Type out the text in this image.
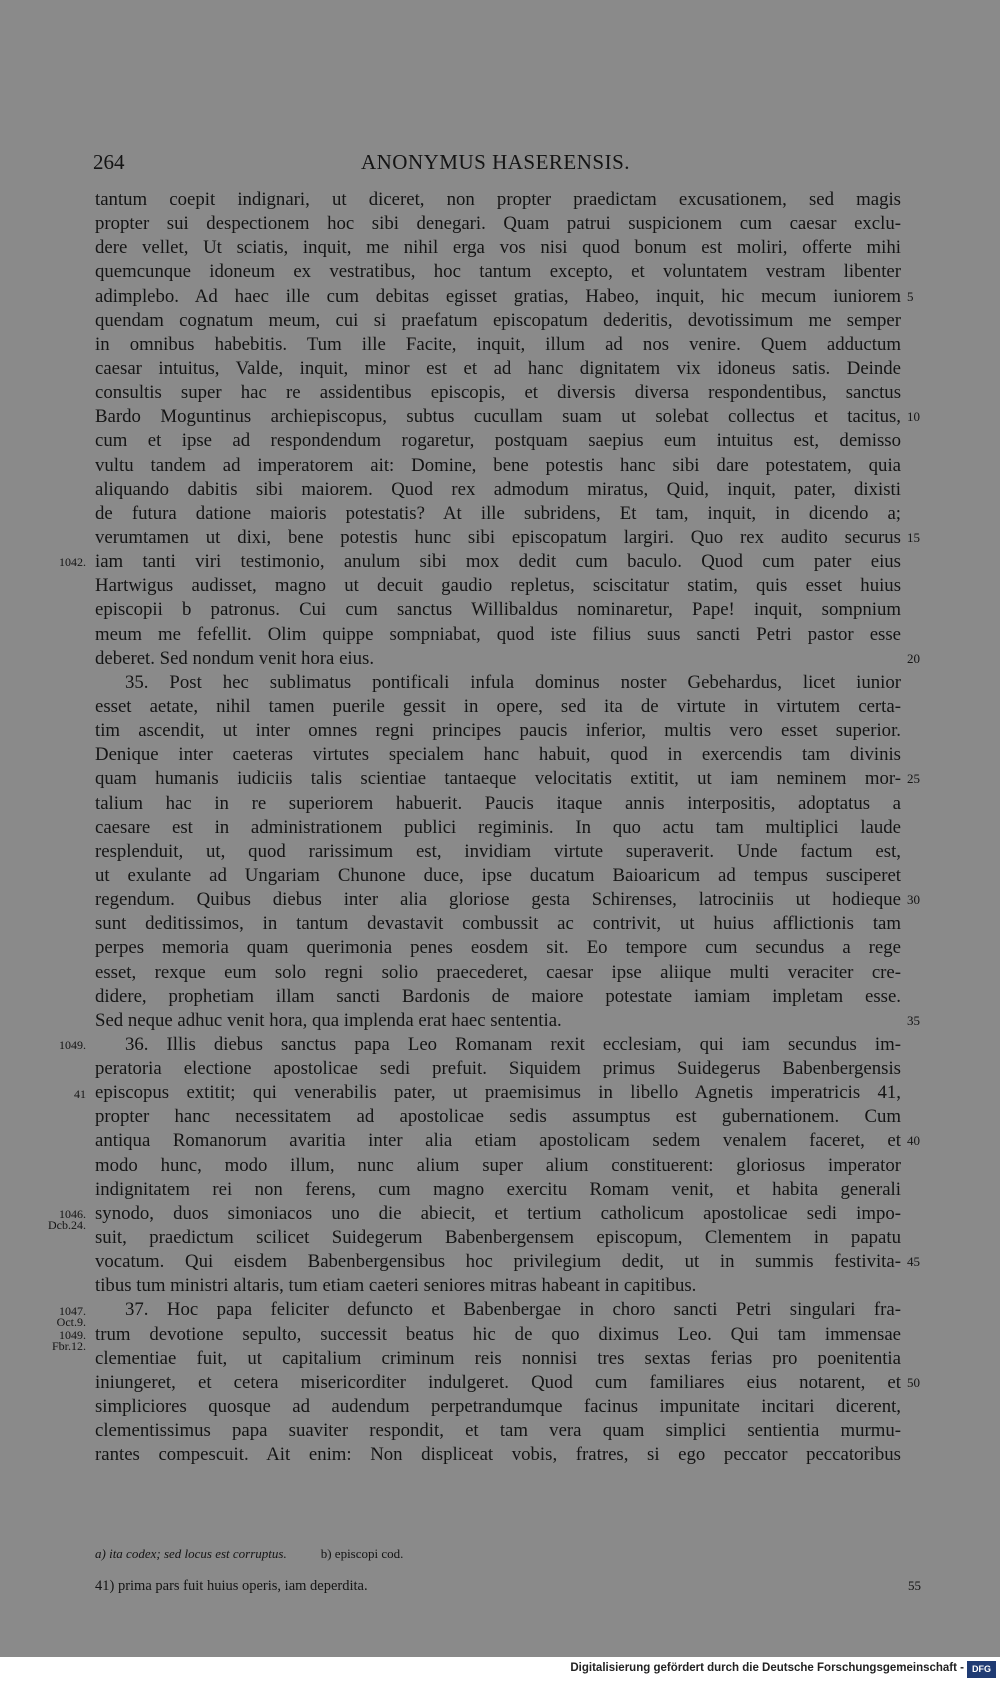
264	ANONYMUS HASERENSIS.
tantum coepit indignari, ut diceret, non propter praedictam excusationem, sed magis
propter sui despectionem hoc sibi denegari. Quam patrui suspicionem cum caesar exclu-
dere vellet, Ut sciatis, inquit, me nihil erga vos nisi quod bonum est moliri, offerte mihi
quemcunque idoneum ex vestratibus, hoc tantum excepto, et voluntatem vestram libenter
adimplebo. Ad haec ille cum debitas egisset gratias, Habeo, inquit, hic mecum iuniorem 5
quendam cognatum meum, cui si praefatum episcopatum dederitis, devotissimum me semper
in omnibus habebitis. Tum ille Facite, inquit, illum ad nos venire. Quem adductum
caesar intuitus, Valde, inquit, minor est et ad hanc dignitatem vix idoneus satis. Deinde
consultis super hac re assidentibus episcopis, et diversis diversa respondentibus, sanctus
Bardo Moguntinus archiepiscopus, subtus cucullam suam ut solebat collectus et tacitus, 10
cum et ipse ad respondendum rogaretur, postquam saepius eum intuitus est, demisso
vultu tandem ad imperatorem ait: Domine, bene potestis hanc sibi dare potestatem, quia
aliquando dabitis sibi maiorem. Quod rex admodum miratus, Quid, inquit, pater, dixisti
de futura datione maioris potestatis? At ille subridens, Et tam, inquit, in dicendo a;
verumtamen ut dixi, bene potestis hunc sibi episcopatum largiri. Quo rex audito securus 15
iam tanti viri testimonio, anulum sibi mox dedit cum baculo. Quod cum pater eius
Hartwigus audisset, magno ut decuit gaudio repletus, sciscitatur statim, quis esset huius
episcopii b patronus. Cui cum sanctus Willibaldus nominaretur, Pape! inquit, sompnium
meum me fefellit. Olim quippe sompniabat, quod iste filius suus sancti Petri pastor esse
deberet. Sed nondum venit hora eius.	20
35. Post hec sublimatus pontificali infula dominus noster Gebehardus, licet iunior
esset aetate, nihil tamen puerile gessit in opere, sed ita de virtute in virtutem certa-
tim ascendit, ut inter omnes regni principes paucis inferior, multis vero esset superior.
Denique inter caeteras virtutes specialem hanc habuit, quod in exercendis tam divinis
quam humanis iudiciis talis scientiae tantaeque velocitatis extitit, ut iam neminem mor- 25
talium hac in re superiorem habuerit. Paucis itaque annis interpositis, adoptatus a
caesare est in administrationem publici regiminis. In quo actu tam multiplici laude
resplenduit, ut, quod rarissimum est, invidiam virtute superaverit. Unde factum est,
ut exulante ad Ungariam Chunone duce, ipse ducatum Baioaricum ad tempus susciperet
regendum. Quibus diebus inter alia gloriose gesta Schirenses, latrociniis ut hodieque 30
sunt deditissimos, in tantum devastavit combussit ac contrivit, ut huius afflictionis tam
perpes memoria quam querimonia penes eosdem sit. Eo tempore cum secundus a rege
esset, rexque eum solo regni solio praecederet, caesar ipse aliique multi veraciter cre-
didere, prophetiam illam sancti Bardonis de maiore potestate iamiam impletam esse.
Sed neque adhuc venit hora, qua implenda erat haec sententia.	35
36. Illis diebus sanctus papa Leo Romanam rexit ecclesiam, qui iam secundus im-
peratoria electione apostolicae sedi prefuit. Siquidem primus Suidegerus Babenbergensis
episcopus extitit; qui venerabilis pater, ut praemisimus in libello Agnetis imperatricis 41,
propter hanc necessitatem ad apostolicae sedis assumptus est gubernationem. Cum
antiqua Romanorum avaritia inter alia etiam apostolicam sedem venalem faceret, et 40
modo hunc, modo illum, nunc alium super alium constituerent: gloriosus imperator
indignitatem rei non ferens, cum magno exercitu Romam venit, et habita generali
synodo, duos simoniacos uno die abiecit, et tertium catholicum apostolicae sedi impo-
suit, praedictum scilicet Suidegerum Babenbergensem episcopum, Clementem in papatu
vocatum. Qui eisdem Babenbergensibus hoc privilegium dedit, ut in summis festivita- 45
tibus tum ministri altaris, tum etiam caeteri seniores mitras habeant in capitibus.
37. Hoc papa feliciter defuncto et Babenbergae in choro sancti Petri singulari fra-
trum devotione sepulto, successit beatus hic de quo diximus Leo. Qui tam immensae
clementiae fuit, ut capitalium criminum reis nonnisi tres sextas ferias pro poenitentia
iniungeret, et cetera misericorditer indulgeret. Quod cum familiares eius notarent, et 50
simpliciores quosque ad audendum perpetrandumque facinus impunitate incitari dicerent,
clementissimus papa suaviter respondit, et tam vera quam simplici sentientia murmu-
rantes compescuit. Ait enim: Non displiceat vobis, fratres, si ego peccator peccatoribus
1042.
1049.
41
1046.
Dcb.24.
1047.
Oct.9.
1049.
Fbr.12.
a) ita codex; sed locus est corruptus.	b) episcopi cod.
41) prima pars fuit huius operis, iam deperdita.	55
Digitalisierung gefördert durch die Deutsche Forschungsgemeinschaft - DFG
